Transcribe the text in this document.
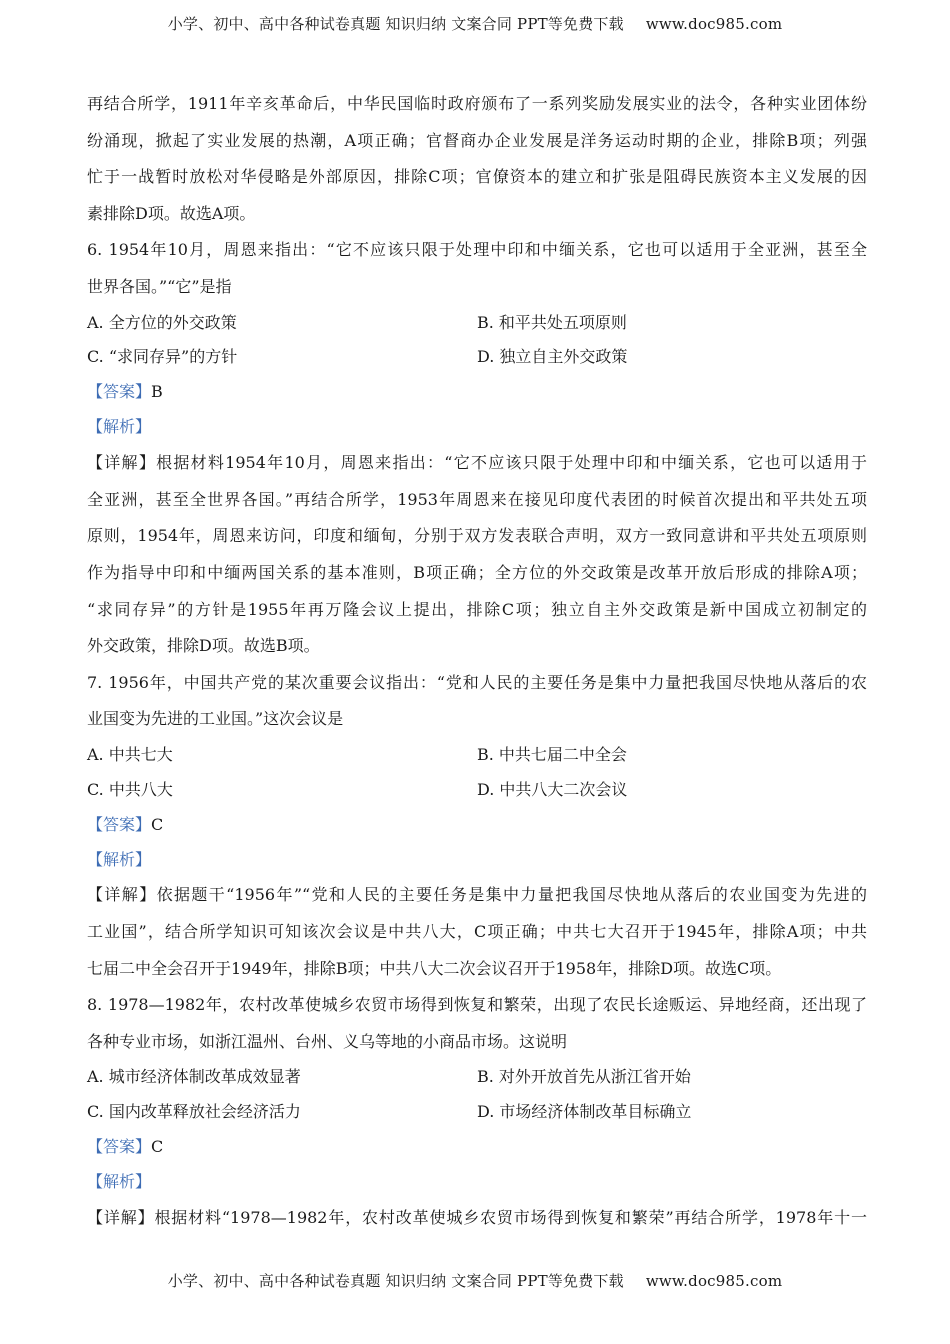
小学、初中、高中各种试卷真题 知识归纳 文案合同 PPT等免费下载 www.doc985.com
再结合所学，1911年辛亥革命后，中华民国临时政府颁布了一系列奖励发展实业的法令，各种实业团体纷
纷涌现，掀起了实业发展的热潮，A项正确；官督商办企业发展是洋务运动时期的企业，排除B项；列强
忙于一战暂时放松对华侵略是外部原因，排除C项；官僚资本的建立和扩张是阻碍民族资本主义发展的因
素排除D项。故选A项。
6. 1954年10月，周恩来指出：“它不应该只限于处理中印和中缅关系，它也可以适用于全亚洲，甚至全
世界各国。”“它”是指
A. 全方位的外交政策	B. 和平共处五项原则
C. “求同存异”的方针	D. 独立自主外交政策
【答案】B
【解析】
【详解】根据材料1954年10月，周恩来指出：“它不应该只限于处理中印和中缅关系，它也可以适用于
全亚洲，甚至全世界各国。”再结合所学，1953年周恩来在接见印度代表团的时候首次提出和平共处五项
原则，1954年，周恩来访问，印度和缅甸，分别于双方发表联合声明，双方一致同意讲和平共处五项原则
作为指导中印和中缅两国关系的基本准则，B项正确；全方位的外交政策是改革开放后形成的排除A项；
“求同存异”的方针是1955年再万隆会议上提出，排除C项；独立自主外交政策是新中国成立初制定的
外交政策，排除D项。故选B项。
7. 1956年，中国共产党的某次重要会议指出：“党和人民的主要任务是集中力量把我国尽快地从落后的农
业国变为先进的工业国。”这次会议是
A. 中共七大	B. 中共七届二中全会
C. 中共八大	D. 中共八大二次会议
【答案】C
【解析】
【详解】依据题干“1956年”“党和人民的主要任务是集中力量把我国尽快地从落后的农业国变为先进的
工业国”，结合所学知识可知该次会议是中共八大，C项正确；中共七大召开于1945年，排除A项；中共
七届二中全会召开于1949年，排除B项；中共八大二次会议召开于1958年，排除D项。故选C项。
8. 1978—1982年，农村改革使城乡农贸市场得到恢复和繁荣，出现了农民长途贩运、异地经商，还出现了
各种专业市场，如浙江温州、台州、义乌等地的小商品市场。这说明
A. 城市经济体制改革成效显著	B. 对外开放首先从浙江省开始
C. 国内改革释放社会经济活力	D. 市场经济体制改革目标确立
【答案】C
【解析】
【详解】根据材料“1978—1982年，农村改革使城乡农贸市场得到恢复和繁荣”再结合所学，1978年十一
小学、初中、高中各种试卷真题 知识归纳 文案合同 PPT等免费下载 www.doc985.com
